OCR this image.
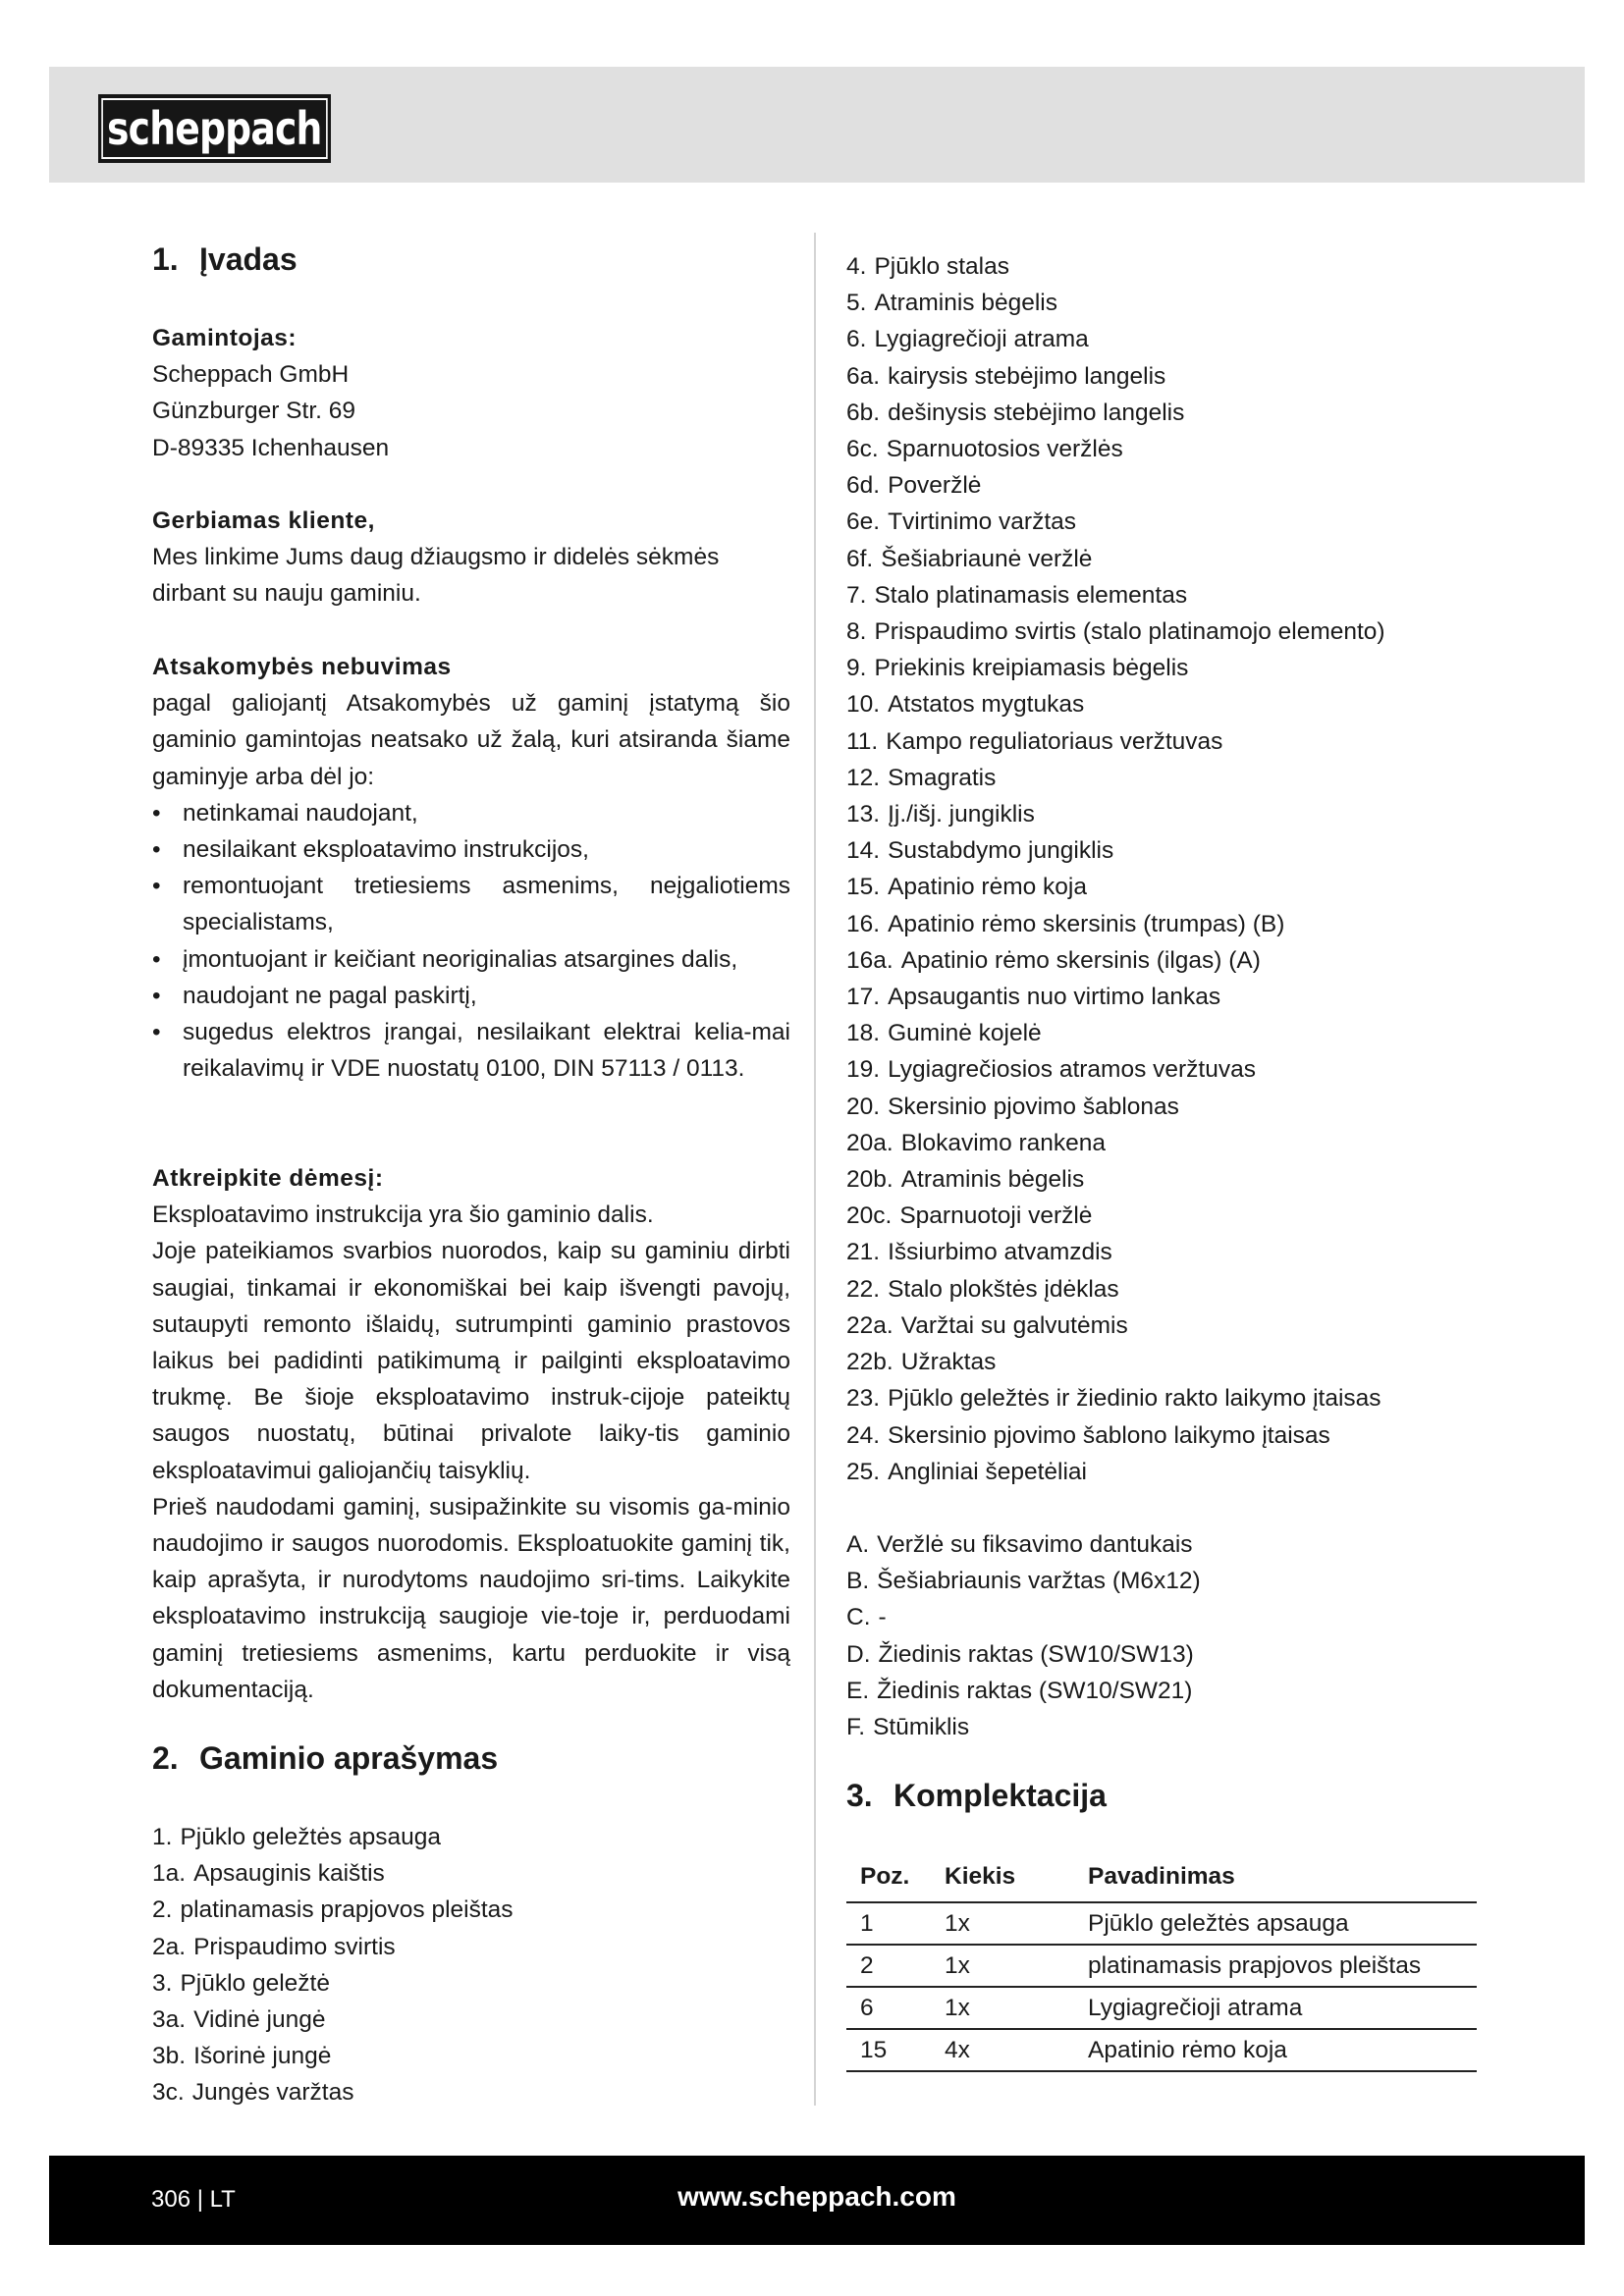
scheppach
1. Įvadas

Gamintojas:

Scheppach GmbH

Günzburger Str. 69

D-89335 Ichenhausen

Gerbiamas kliente,

Mes linkime Jums daug džiaugsmo ir didelės sėkmės dirbant su nauju gaminiu.

Atsakomybės nebuvimas

pagal galiojantį Atsakomybės už gaminį įstatymą šio gaminio gamintojas neatsako už žalą, kuri atsiranda šiame gaminyje arba dėl jo:

• netinkamai naudojant,
• nesilaikant eksploatavimo instrukcijos,
• remontuojant tretiesiems asmenims, neįgaliotiems specialistams,
• įmontuojant ir keičiant neoriginalias atsargines dalis,
• naudojant ne pagal paskirtį,
• sugedus elektros įrangai, nesilaikant elektrai kelia-mai reikalavimų ir VDE nuostatų 0100, DIN 57113 / 0113.

Atkreipkite dėmesį:

Eksploatavimo instrukcija yra šio gaminio dalis.

Joje pateikiamos svarbios nuorodos, kaip su gaminiu dirbti saugiai, tinkamai ir ekonomiškai bei kaip išvengti pavojų, sutaupyti remonto išlaidų, sutrumpinti gaminio prastovos laikus bei padidinti patikimumą ir pailginti eksploatavimo trukmę. Be šioje eksploatavimo instruk-cijoje pateiktų saugos nuostatų, būtinai privalote laiky-tis gaminio eksploatavimui galiojančių taisyklių.

Prieš naudodami gaminį, susipažinkite su visomis ga-minio naudojimo ir saugos nuorodomis. Eksploatuokite gaminį tik, kaip aprašyta, ir nurodytoms naudojimo sri-tims. Laikykite eksploatavimo instrukciją saugioje vie-toje ir, perduodami gaminį tretiesiems asmenims, kartu perduokite ir visą dokumentaciją.

2. Gaminio aprašymas
1. Pjūklo geležtės apsauga
1a. Apsauginis kaištis
2. platinamasis prapjovos pleištas
2a. Prispaudimo svirtis
3. Pjūklo geležtė
3a. Vidinė jungė
3b. Išorinė jungė
3c. Jungės varžtas
4. Pjūklo stalas
5. Atraminis bėgelis
6. Lygiagrečioji atrama
6a. kairysis stebėjimo langelis
6b. dešinysis stebėjimo langelis
6c. Sparnuotosios veržlės
6d. Poveržlė
6e. Tvirtinimo varžtas
6f. Šešiabriaunė veržlė
7. Stalo platinamasis elementas
8. Prispaudimo svirtis (stalo platinamojo elemento)
9. Priekinis kreipiamasis bėgelis
10. Atstatos mygtukas
11. Kampo reguliatoriaus veržtuvas
12. Smagratis
13. Įj./išj. jungiklis
14. Sustabdymo jungiklis
15. Apatinio rėmo koja
16. Apatinio rėmo skersinis (trumpas) (B)
16a. Apatinio rėmo skersinis (ilgas) (A)
17. Apsaugantis nuo virtimo lankas
18. Guminė kojelė
19. Lygiagrečiosios atramos veržtuvas
20. Skersinio pjovimo šablonas
20a. Blokavimo rankena
20b. Atraminis bėgelis
20c. Sparnuotoji veržlė
21. Išsiurbimo atvamzdis
22. Stalo plokštės įdėklas
22a. Varžtai su galvutėmis
22b. Užraktas
23. Pjūklo geležtės ir žiedinio rakto laikymo įtaisas
24. Skersinio pjovimo šablono laikymo įtaisas
25. Angliniai šepetėliai
A. Veržlė su fiksavimo dantukais
B. Šešiabriaunis varžtas (M6x12)
C. -
D. Žiedinis raktas (SW10/SW13)
E. Žiedinis raktas (SW10/SW21)
F. Stūmiklis
3. Komplektacija
Poz.	Kiekis	Pavadinimas
1	1x	Pjūklo geležtės apsauga
2	1x	platinamasis prapjovos pleištas
6	1x	Lygiagrečioji atrama
15	4x	Apatinio rėmo koja
306 | LT	www.scheppach.com
